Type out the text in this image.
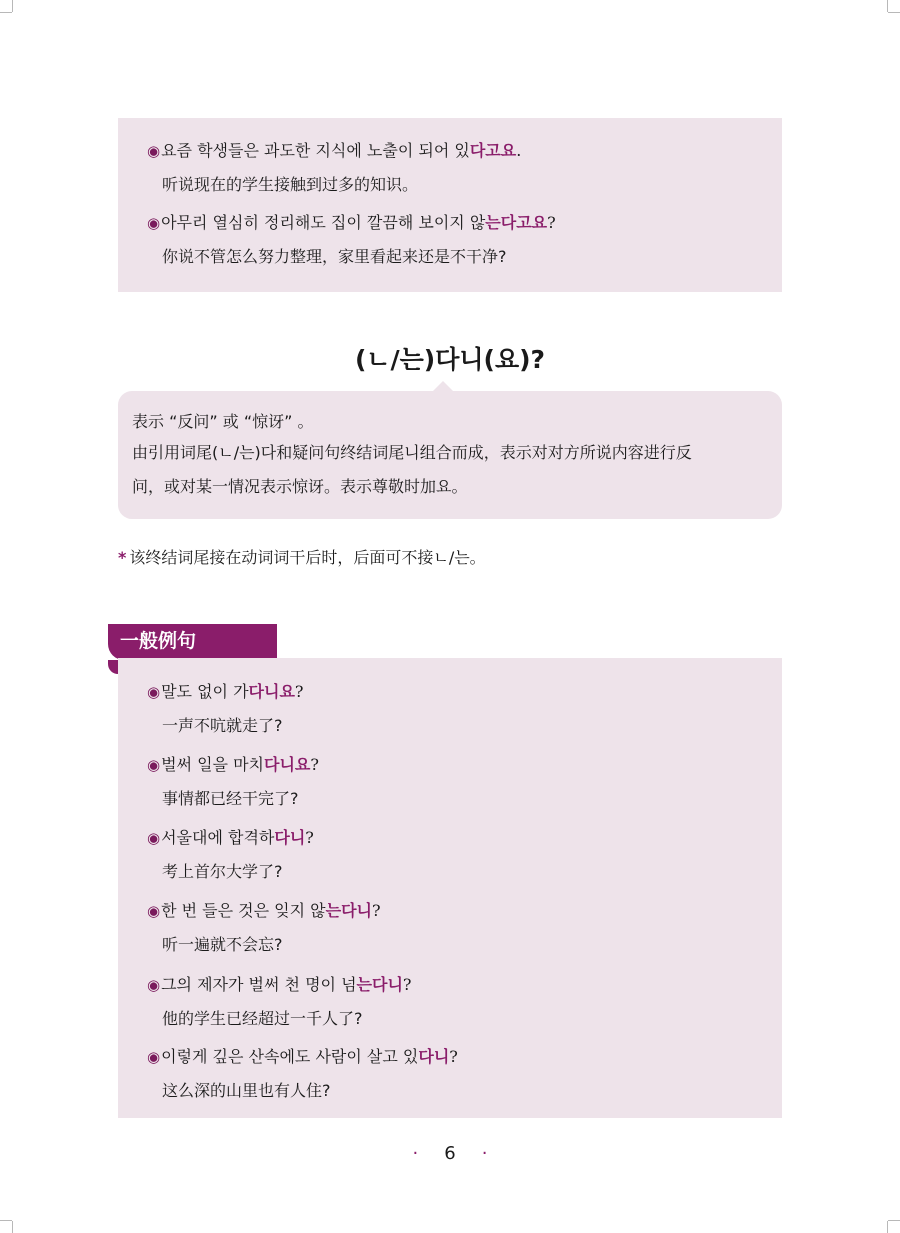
◉요즘 학생들은 과도한 지식에 노출이 되어 있다고요.
听说现在的学生接触到过多的知识。
◉아무리 열심히 정리해도 집이 깔끔해 보이지 않는다고요?
你说不管怎么努力整理，家里看起来还是不干净?
(ㄴ/는)다니(요)?

表示 “反问” 或 “惊讶” 。

由引用词尾(ㄴ/는)다和疑问句终结词尾니组合而成，表示对对方所说内容进行反

问，或对某一情况表示惊讶。表示尊敬时加요。

* 该终结词尾接在动词词干后时，后面可不接ㄴ/는。
一般例句
◉말도 없이 가다니요?
一声不吭就走了?
◉벌써 일을 마치다니요?
事情都已经干完了?
◉서울대에 합격하다니?
考上首尔大学了?
◉한 번 들은 것은 잊지 않는다니?
听一遍就不会忘?
◉그의 제자가 벌써 천 명이 넘는다니?
他的学生已经超过一千人了?
◉이렇게 깊은 산속에도 사람이 살고 있다니?
这么深的山里也有人住?
· 6 ·
